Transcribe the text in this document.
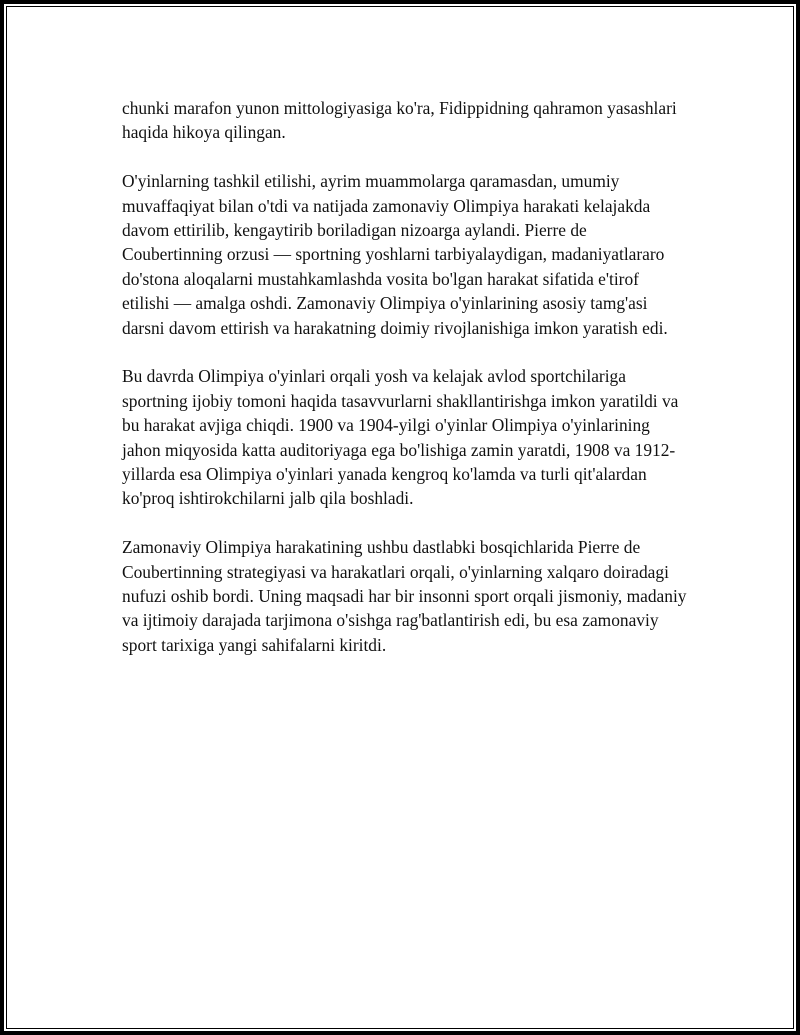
chunki marafon yunon mittologiyasiga ko'ra, Fidippidning qahramon yasashlari haqida hikoya qilingan.

O'yinlarning tashkil etilishi, ayrim muammolarga qaramasdan, umumiy muvaffaqiyat bilan o'tdi va natijada zamonaviy Olimpiya harakati kelajakda davom ettirilib, kengaytirib boriladigan nizoarga aylandi. Pierre de Coubertinning orzusi — sportning yoshlarni tarbiyalaydigan, madaniyatlararo do'stona aloqalarni mustahkamlashda vosita bo'lgan harakat sifatida e'tirof etilishi — amalga oshdi. Zamonaviy Olimpiya o'yinlarining asosiy tamg'asi darsni davom ettirish va harakatning doimiy rivojlanishiga imkon yaratish edi.

Bu davrda Olimpiya o'yinlari orqali yosh va kelajak avlod sportchilariga sportning ijobiy tomoni haqida tasavvurlarni shakllantirishga imkon yaratildi va bu harakat avjiga chiqdi. 1900 va 1904-yilgi o'yinlar Olimpiya o'yinlarining jahon miqyosida katta auditoriyaga ega bo'lishiga zamin yaratdi, 1908 va 1912-yillarda esa Olimpiya o'yinlari yanada kengroq ko'lamda va turli qit'alardan ko'proq ishtirokchilarni jalb qila boshladi.

Zamonaviy Olimpiya harakatining ushbu dastlabki bosqichlarida Pierre de Coubertinning strategiyasi va harakatlari orqali, o'yinlarning xalqaro doiradagi nufuzi oshib bordi. Uning maqsadi har bir insonni sport orqali jismoniy, madaniy va ijtimoiy darajada tarjimona o'sishga rag'batlantirish edi, bu esa zamonaviy sport tarixiga yangi sahifalarni kiritdi.
